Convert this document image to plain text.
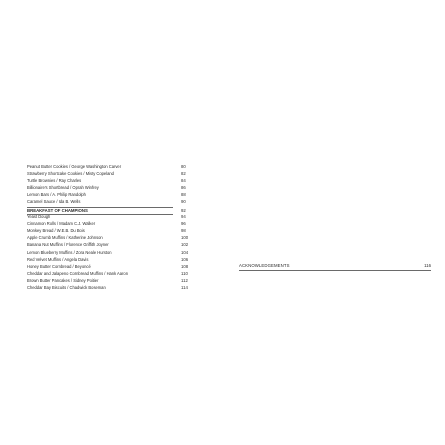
Peanut Butter Cookies / George Washington Carver	80
Strawberry Shortcake Cookies / Misty Copeland	82
Turtle Brownies / Ray Charles	84
Billionaire's Shortbread / Oprah Winfrey	86
Lemon Bars / A. Philip Randolph	88
Caramel Sauce / Ida B. Wells	90
BREAKFAST OF CHAMPIONS	92
Yeast Dough	94
Cinnamon Rolls / Madam C.J. Walker	96
Monkey Bread / W.E.B. Du Bois	98
Apple Crumb Muffins / Katherine Johnson	100
Banana Nut Muffins / Florence Griffith Joyner	102
Lemon Blueberry Muffins / Zora Neale Hurston	104
Red Velvet Muffins / Angela Davis	106
Honey Butter Cornbread / Beyoncé	108
Cheddar and Jalapeno Cornbread Muffins / Hank Aaron	110
Brown Butter Pancakes / Sidney Poitier	112
Cheddar Bay Biscuits / Chadwick Boseman	114
ACKNOWLEDGEMENTS	116
